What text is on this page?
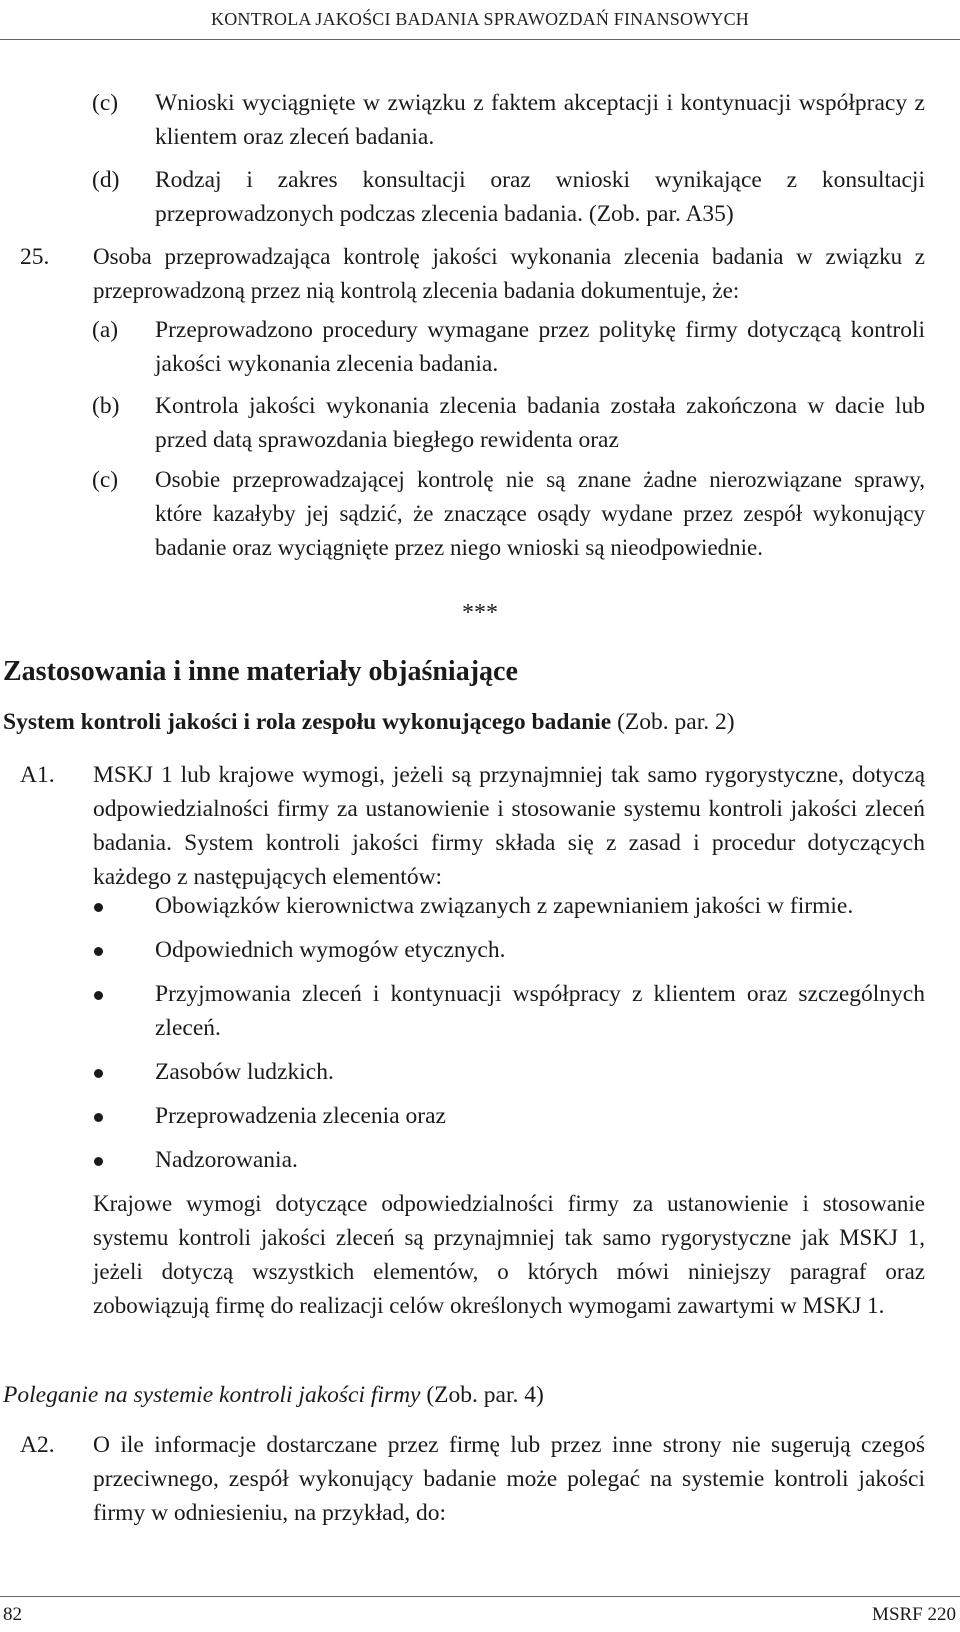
KONTROLA JAKOŚCI BADANIA SPRAWOZDAŃ FINANSOWYCH
(c) Wnioski wyciągnięte w związku z faktem akceptacji i kontynuacji współpracy z klientem oraz zleceń badania.
(d) Rodzaj i zakres konsultacji oraz wnioski wynikające z konsultacji przeprowadzonych podczas zlecenia badania. (Zob. par. A35)
25. Osoba przeprowadzająca kontrolę jakości wykonania zlecenia badania w związku z przeprowadzoną przez nią kontrolą zlecenia badania dokumentuje, że:
(a) Przeprowadzono procedury wymagane przez politykę firmy dotyczącą kontroli jakości wykonania zlecenia badania.
(b) Kontrola jakości wykonania zlecenia badania została zakończona w dacie lub przed datą sprawozdania biegłego rewidenta oraz
(c) Osobie przeprowadzającej kontrolę nie są znane żadne nierozwiązane sprawy, które kazałyby jej sądzić, że znaczące osądy wydane przez zespół wykonujący badanie oraz wyciągnięte przez niego wnioski są nieodpowiednie.
***
Zastosowania i inne materiały objaśniające

System kontroli jakości i rola zespołu wykonującego badanie (Zob. par. 2)

A1. MSKJ 1 lub krajowe wymogi, jeżeli są przynajmniej tak samo rygorystyczne, dotyczą odpowiedzialności firmy za ustanowienie i stosowanie systemu kontroli jakości zleceń badania. System kontroli jakości firmy składa się z zasad i procedur dotyczących każdego z następujących elementów:
Obowiązków kierownictwa związanych z zapewnianiem jakości w firmie.
Odpowiednich wymogów etycznych.
Przyjmowania zleceń i kontynuacji współpracy z klientem oraz szczególnych zleceń.
Zasobów ludzkich.
Przeprowadzenia zlecenia oraz
Nadzorowania.
Krajowe wymogi dotyczące odpowiedzialności firmy za ustanowienie i stosowanie systemu kontroli jakości zleceń są przynajmniej tak samo rygorystyczne jak MSKJ 1, jeżeli dotyczą wszystkich elementów, o których mówi niniejszy paragraf oraz zobowiązują firmę do realizacji celów określonych wymogami zawartymi w MSKJ 1.

Poleganie na systemie kontroli jakości firmy (Zob. par. 4)

A2. O ile informacje dostarczane przez firmę lub przez inne strony nie sugerują czegoś przeciwnego, zespół wykonujący badanie może polegać na systemie kontroli jakości firmy w odniesieniu, na przykład, do:
82	MSRF 220
